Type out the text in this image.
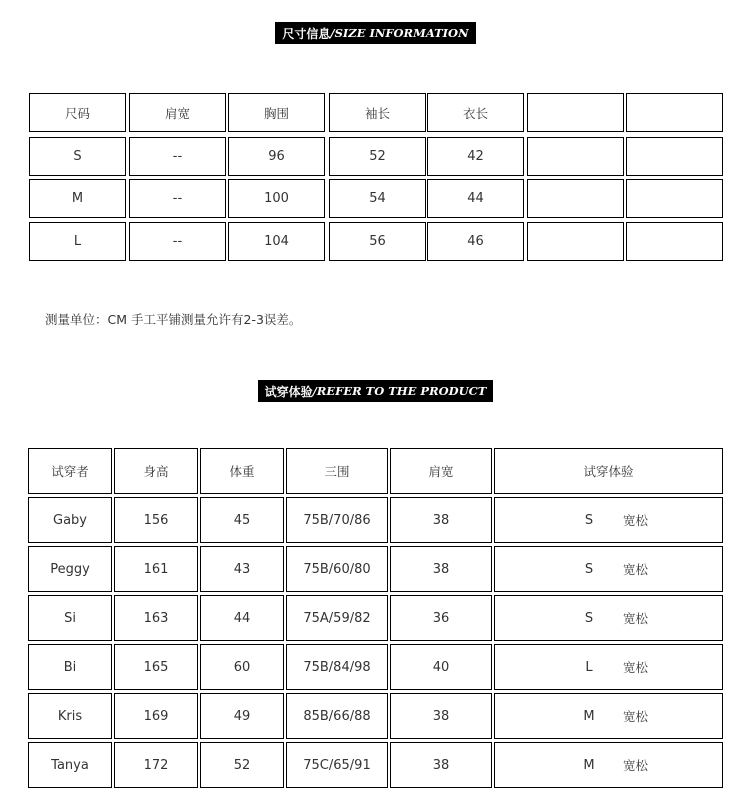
尺寸信息 /SIZE INFORMATION
尺码	肩宽	胸围	袖长	衣长
S	--	96	52	42
M	--	100	54	44
L	--	104	56	46
测量单位：CM 手工平铺测量允许有2-3误差。
试穿体验 /REFER TO THE PRODUCT
试穿者	身高	体重	三围	肩宽	试穿体验
Gaby	156	45	75B/70/86	38	S	宽松
Peggy	161	43	75B/60/80	38	S	宽松
Si	163	44	75A/59/82	36	S	宽松
Bi	165	60	75B/84/98	40	L	宽松
Kris	169	49	85B/66/88	38	M	宽松
Tanya	172	52	75C/65/91	38	M	宽松
